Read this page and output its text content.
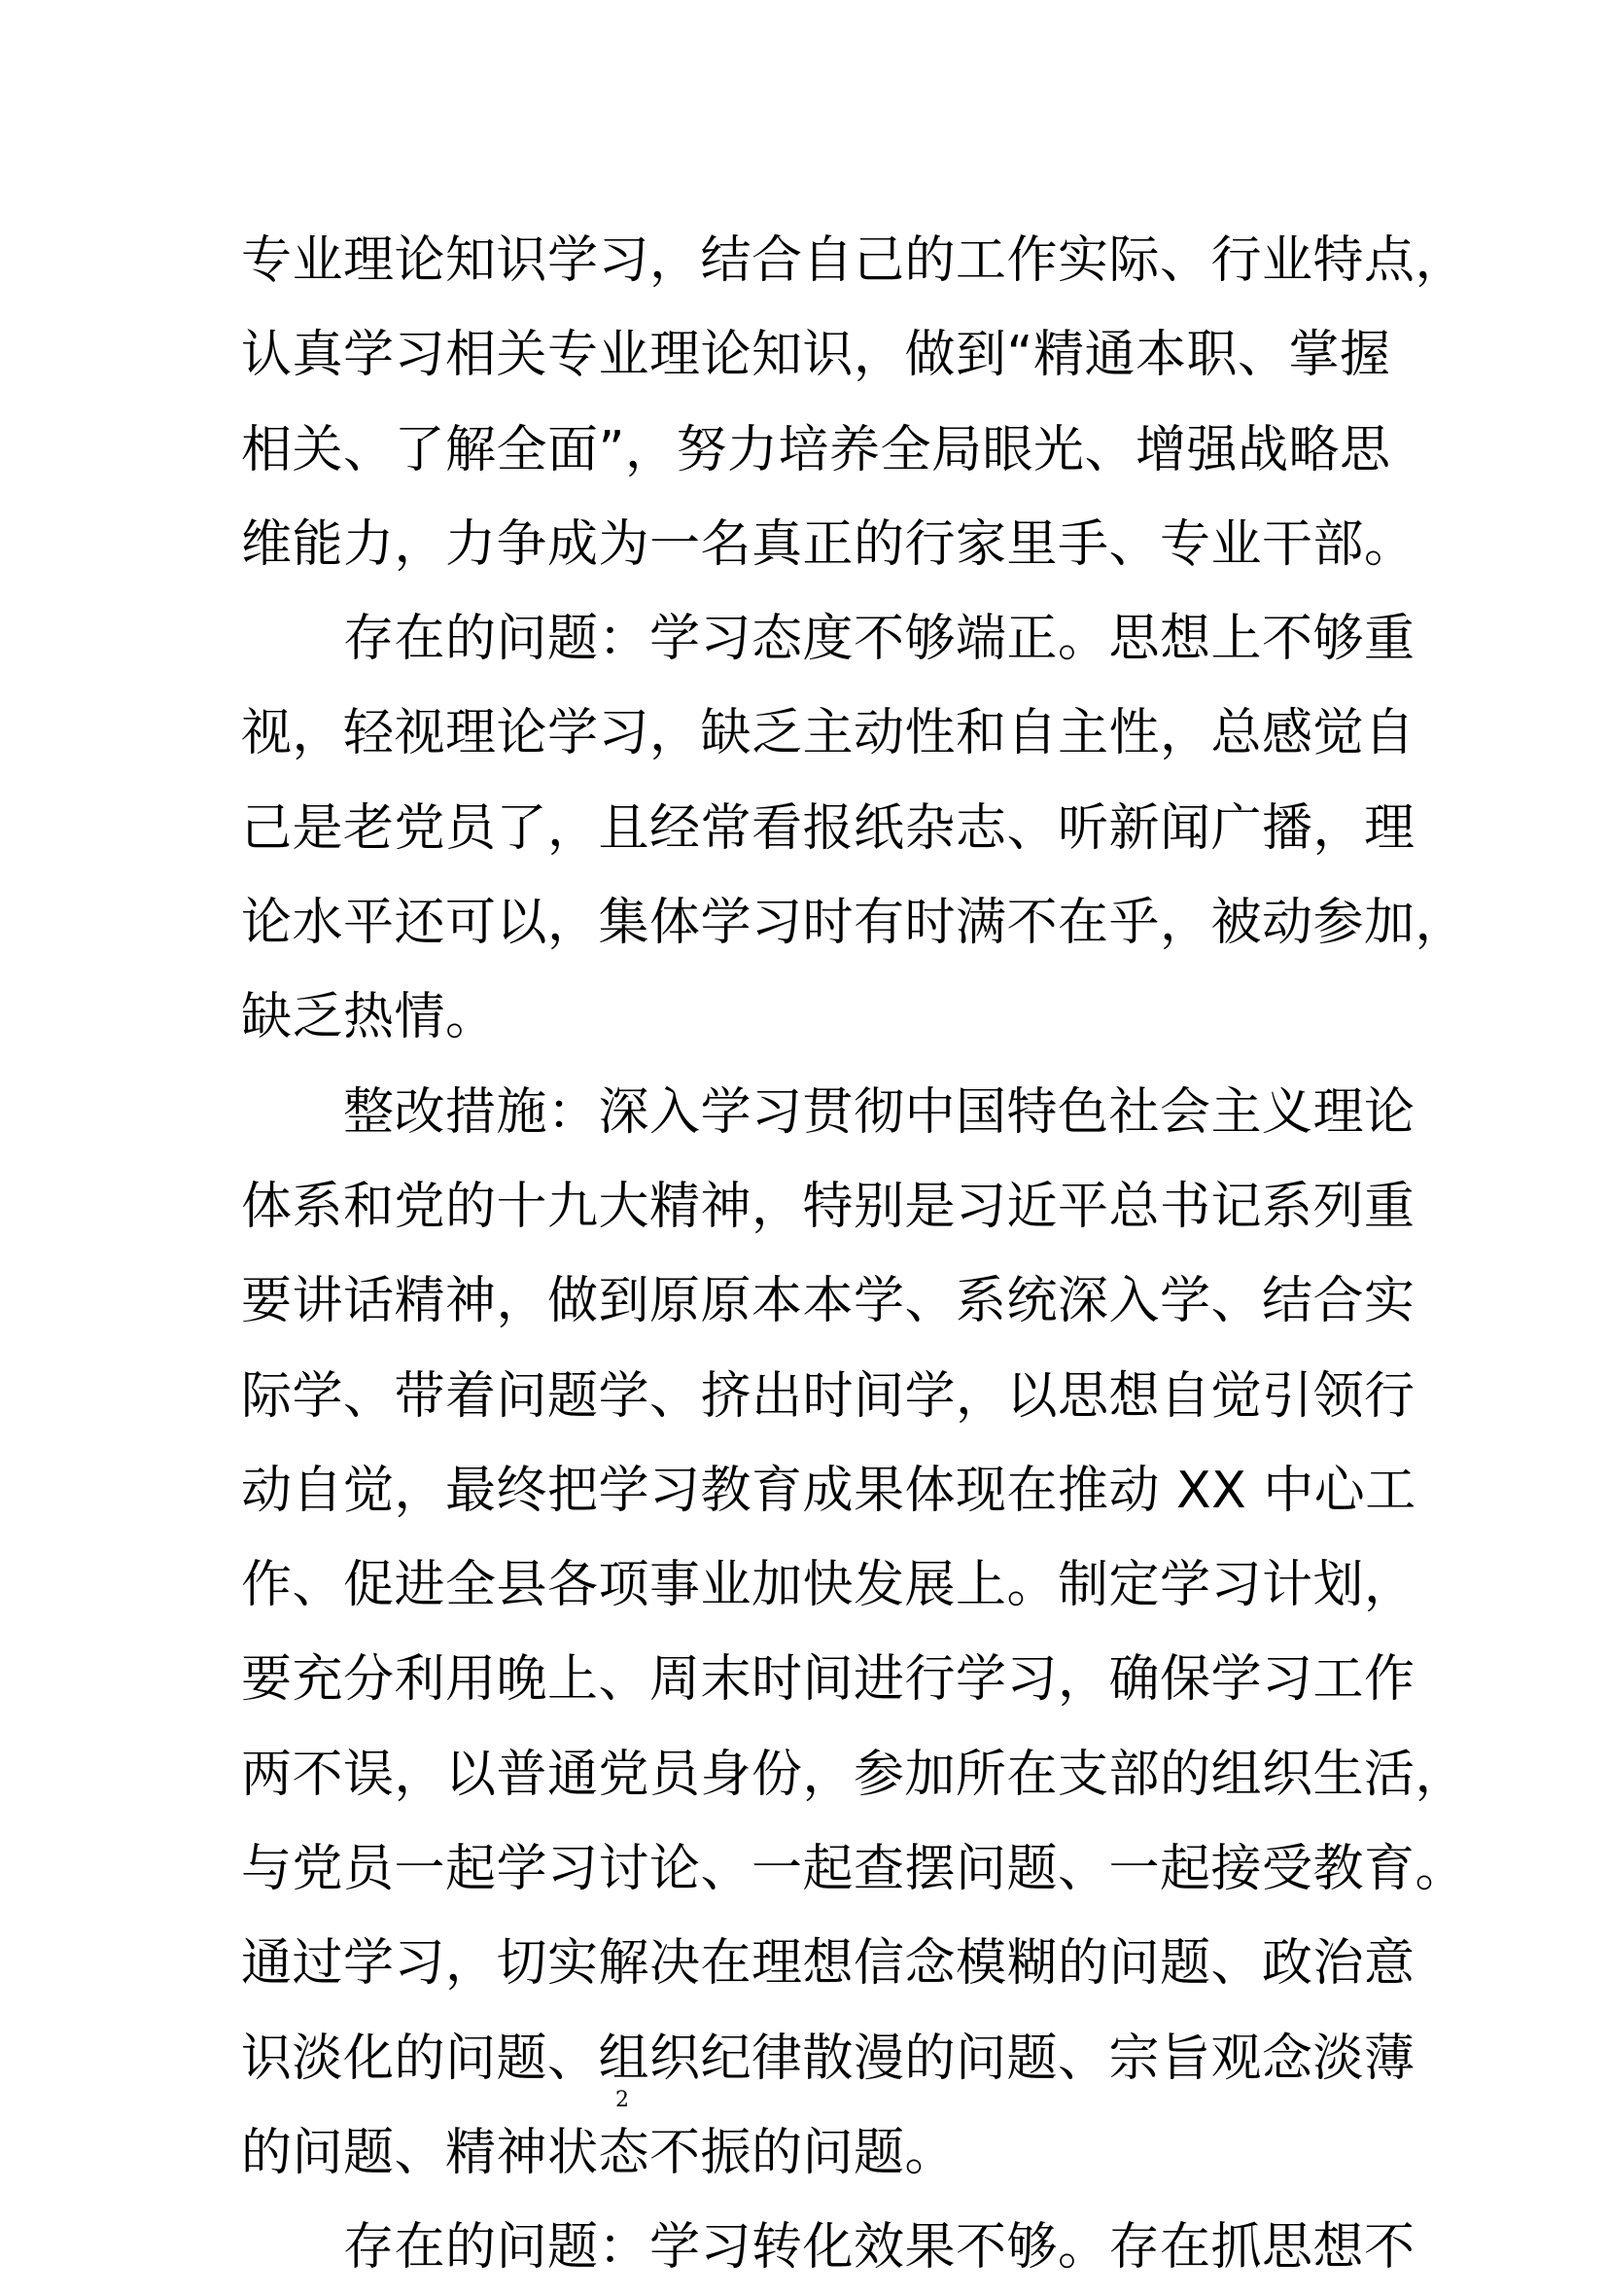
专业理论知识学习，结合自己的工作实际、行业特点，
认真学习相关专业理论知识，做到“精通本职、掌握
相关、了解全面”，努力培养全局眼光、增强战略思
维能力，力争成为一名真正的行家里手、专业干部。
　　存在的问题：学习态度不够端正。思想上不够重
视，轻视理论学习，缺乏主动性和自主性，总感觉自
己是老党员了，且经常看报纸杂志、听新闻广播，理
论水平还可以，集体学习时有时满不在乎，被动参加，
缺乏热情。
　　整改措施：深入学习贯彻中国特色社会主义理论
体系和党的十九大精神，特别是习近平总书记系列重
要讲话精神，做到原原本本学、系统深入学、结合实
际学、带着问题学、挤出时间学，以思想自觉引领行
动自觉，最终把学习教育成果体现在推动 XX 中心工
作、促进全县各项事业加快发展上。制定学习计划，
要充分利用晚上、周末时间进行学习，确保学习工作
两不误，以普通党员身份，参加所在支部的组织生活，
与党员一起学习讨论、一起查摆问题、一起接受教育。
通过学习，切实解决在理想信念模糊的问题、政治意
识淡化的问题、组织纪律散漫的问题、宗旨观念淡薄
的问题、精神状态不振的问题。
　　存在的问题：学习转化效果不够。存在抓思想不
2
